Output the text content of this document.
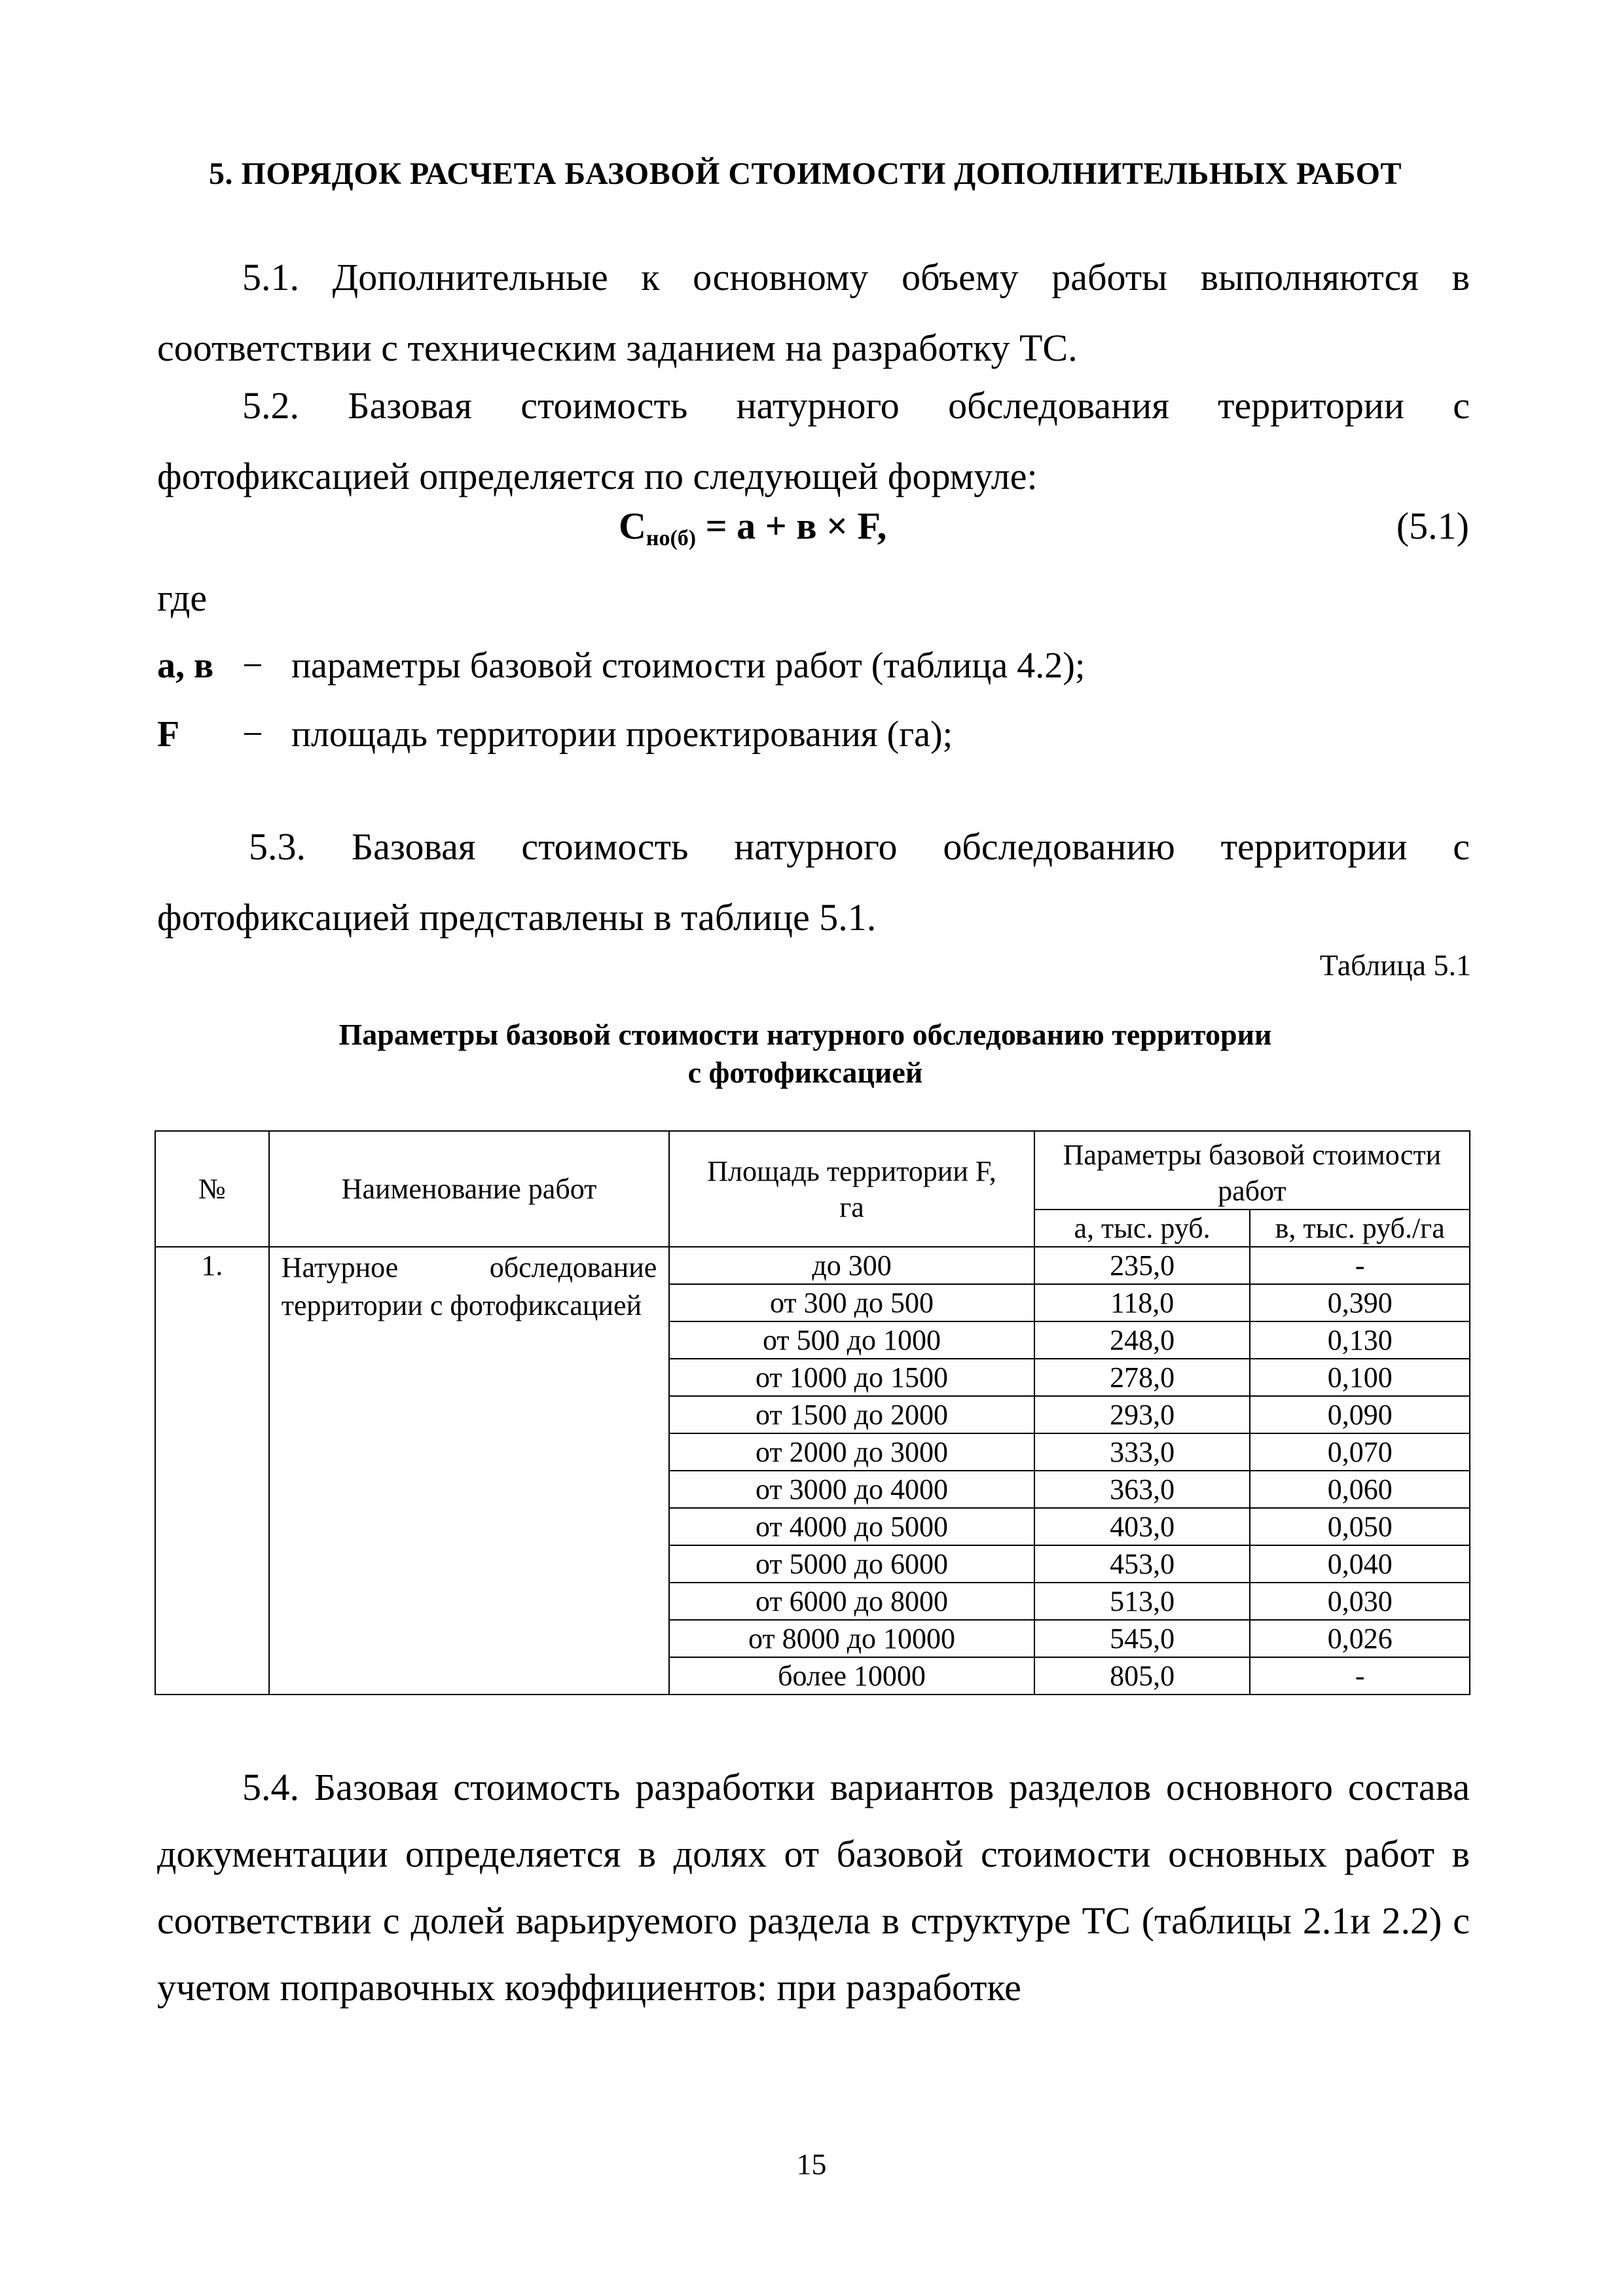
5. ПОРЯДОК РАСЧЕТА БАЗОВОЙ СТОИМОСТИ ДОПОЛНИТЕЛЬНЫХ РАБОТ
5.1. Дополнительные к основному объему работы выполняются в соответствии с техническим заданием на разработку ТС.
5.2. Базовая стоимость натурного обследования территории с фотофиксацией определяется по следующей формуле:
$С_{но(б)} = а + в \times F$,	(5.1)
где
а, в − параметры базовой стоимости работ (таблица 4.2);
F − площадь территории проектирования (га);
5.3. Базовая стоимость натурного обследованию территории с фотофиксацией представлены в таблице 5.1.
Таблица 5.1
Параметры базовой стоимости натурного обследованию территории
с фотофиксацией
№	Наименование работ	Площадь территории F, га	Параметры базовой стоимости работ	
			а, тыс. руб.	в, тыс. руб./га
1.	Натурное обследование территории с фотофиксацией	до 300	235,0	-
		от 300 до 500	118,0	0,390
		от 500 до 1000	248,0	0,130
		от 1000 до 1500	278,0	0,100
		от 1500 до 2000	293,0	0,090
		от 2000 до 3000	333,0	0,070
		от 3000 до 4000	363,0	0,060
		от 4000 до 5000	403,0	0,050
		от 5000 до 6000	453,0	0,040
		от 6000 до 8000	513,0	0,030
		от 8000 до 10000	545,0	0,026
		более 10000	805,0	-
5.4. Базовая стоимость разработки вариантов разделов основного состава документации определяется в долях от базовой стоимости основных работ в соответствии с долей варьируемого раздела в структуре ТС (таблицы 2.1и 2.2) с учетом поправочных коэффициентов: при разработке
15
